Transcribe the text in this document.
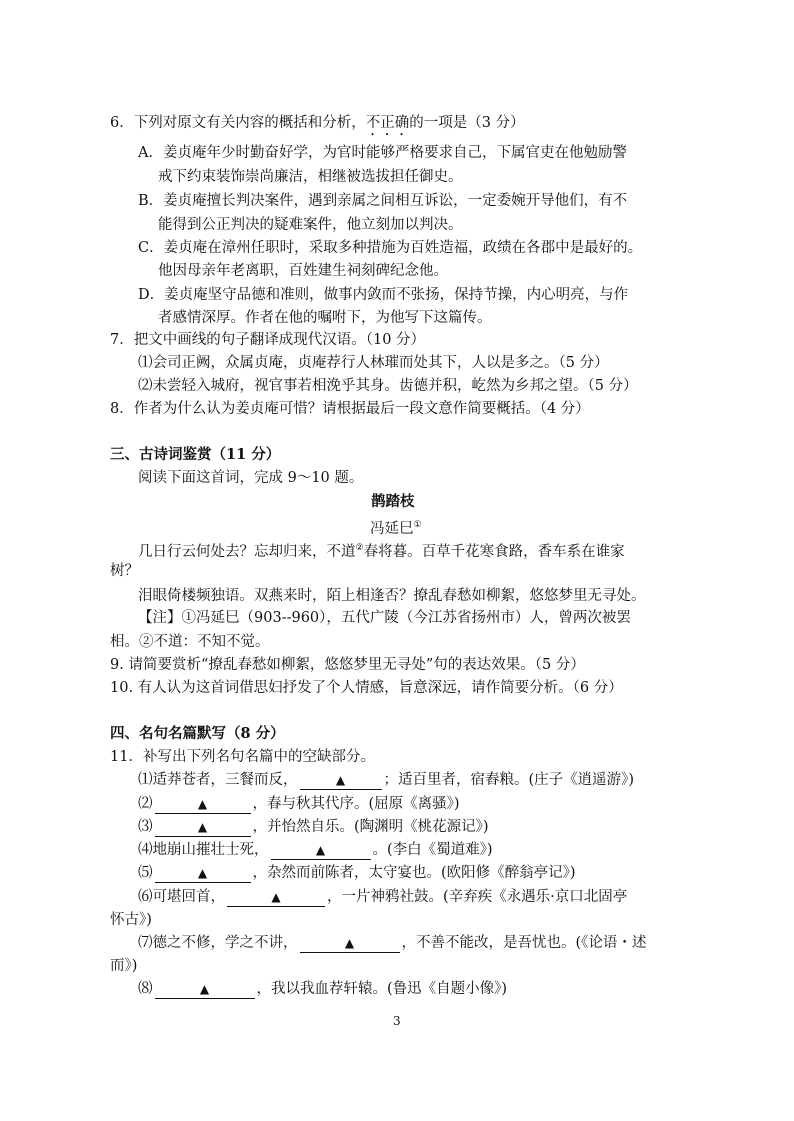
6．下列对原文有关内容的概括和分析，不正确的一项是（3 分）
A．姜贞庵年少时勤奋好学，为官时能够严格要求自己，下属官吏在他勉励警
戒下约束装饰崇尚廉洁，相继被选拔担任御史。
B．姜贞庵擅长判决案件，遇到亲属之间相互诉讼，一定委婉开导他们，有不
能得到公正判决的疑难案件，他立刻加以判决。
C．姜贞庵在漳州任职时，采取多种措施为百姓造福，政绩在各郡中是最好的。
他因母亲年老离职，百姓建生祠刻碑纪念他。
D．姜贞庵坚守品德和准则，做事内敛而不张扬，保持节操，内心明亮，与作
者感情深厚。作者在他的嘱咐下，为他写下这篇传。
7．把文中画线的句子翻译成现代汉语。（10 分）
⑴会司正阙，众属贞庵，贞庵荐行人林璀而处其下，人以是多之。（5 分）
⑵未尝轻入城府，视官事若相浼乎其身。齿德并积，屹然为乡邦之望。（5 分）
8．作者为什么认为姜贞庵可惜？请根据最后一段文意作简要概括。（4 分）
三、古诗词鉴赏（11 分）
阅读下面这首词，完成 9～10 题。
鹊踏枝
冯延巳①
几日行云何处去？忘却归来，不道②春将暮。百草千花寒食路，香车系在谁家
树？
泪眼倚楼频独语。双燕来时，陌上相逢否？撩乱春愁如柳絮，悠悠梦里无寻处。
【注】①冯延巳（903--960），五代广陵（今江苏省扬州市）人，曾两次被罢
相。②不道：不知不觉。
9. 请简要赏析“撩乱春愁如柳絮，悠悠梦里无寻处”句的表达效果。（5 分）
10. 有人认为这首词借思妇抒发了个人情感，旨意深远，请作简要分析。（6 分）
四、名句名篇默写（8 分）
11．补写出下列名句名篇中的空缺部分。
⑴适莽苍者，三餐而反，	▲	；适百里者，宿舂粮。(庄子《逍遥游》)
⑵	▲	，春与秋其代序。(屈原《离骚》)
⑶	▲	，并怡然自乐。(陶渊明《桃花源记》)
⑷地崩山摧壮士死，	▲	。(李白《蜀道难》)
⑸	▲	，杂然而前陈者，太守宴也。(欧阳修《醉翁亭记》)
⑹可堪回首，	▲	，一片神鸦社鼓。(辛弃疾《永遇乐·京口北固亭
怀古》)
⑺德之不修，学之不讲，	▲	，不善不能改，是吾忧也。(《论语・述
而》)
⑻	▲	，我以我血荐轩辕。(鲁迅《自题小像》)
3
